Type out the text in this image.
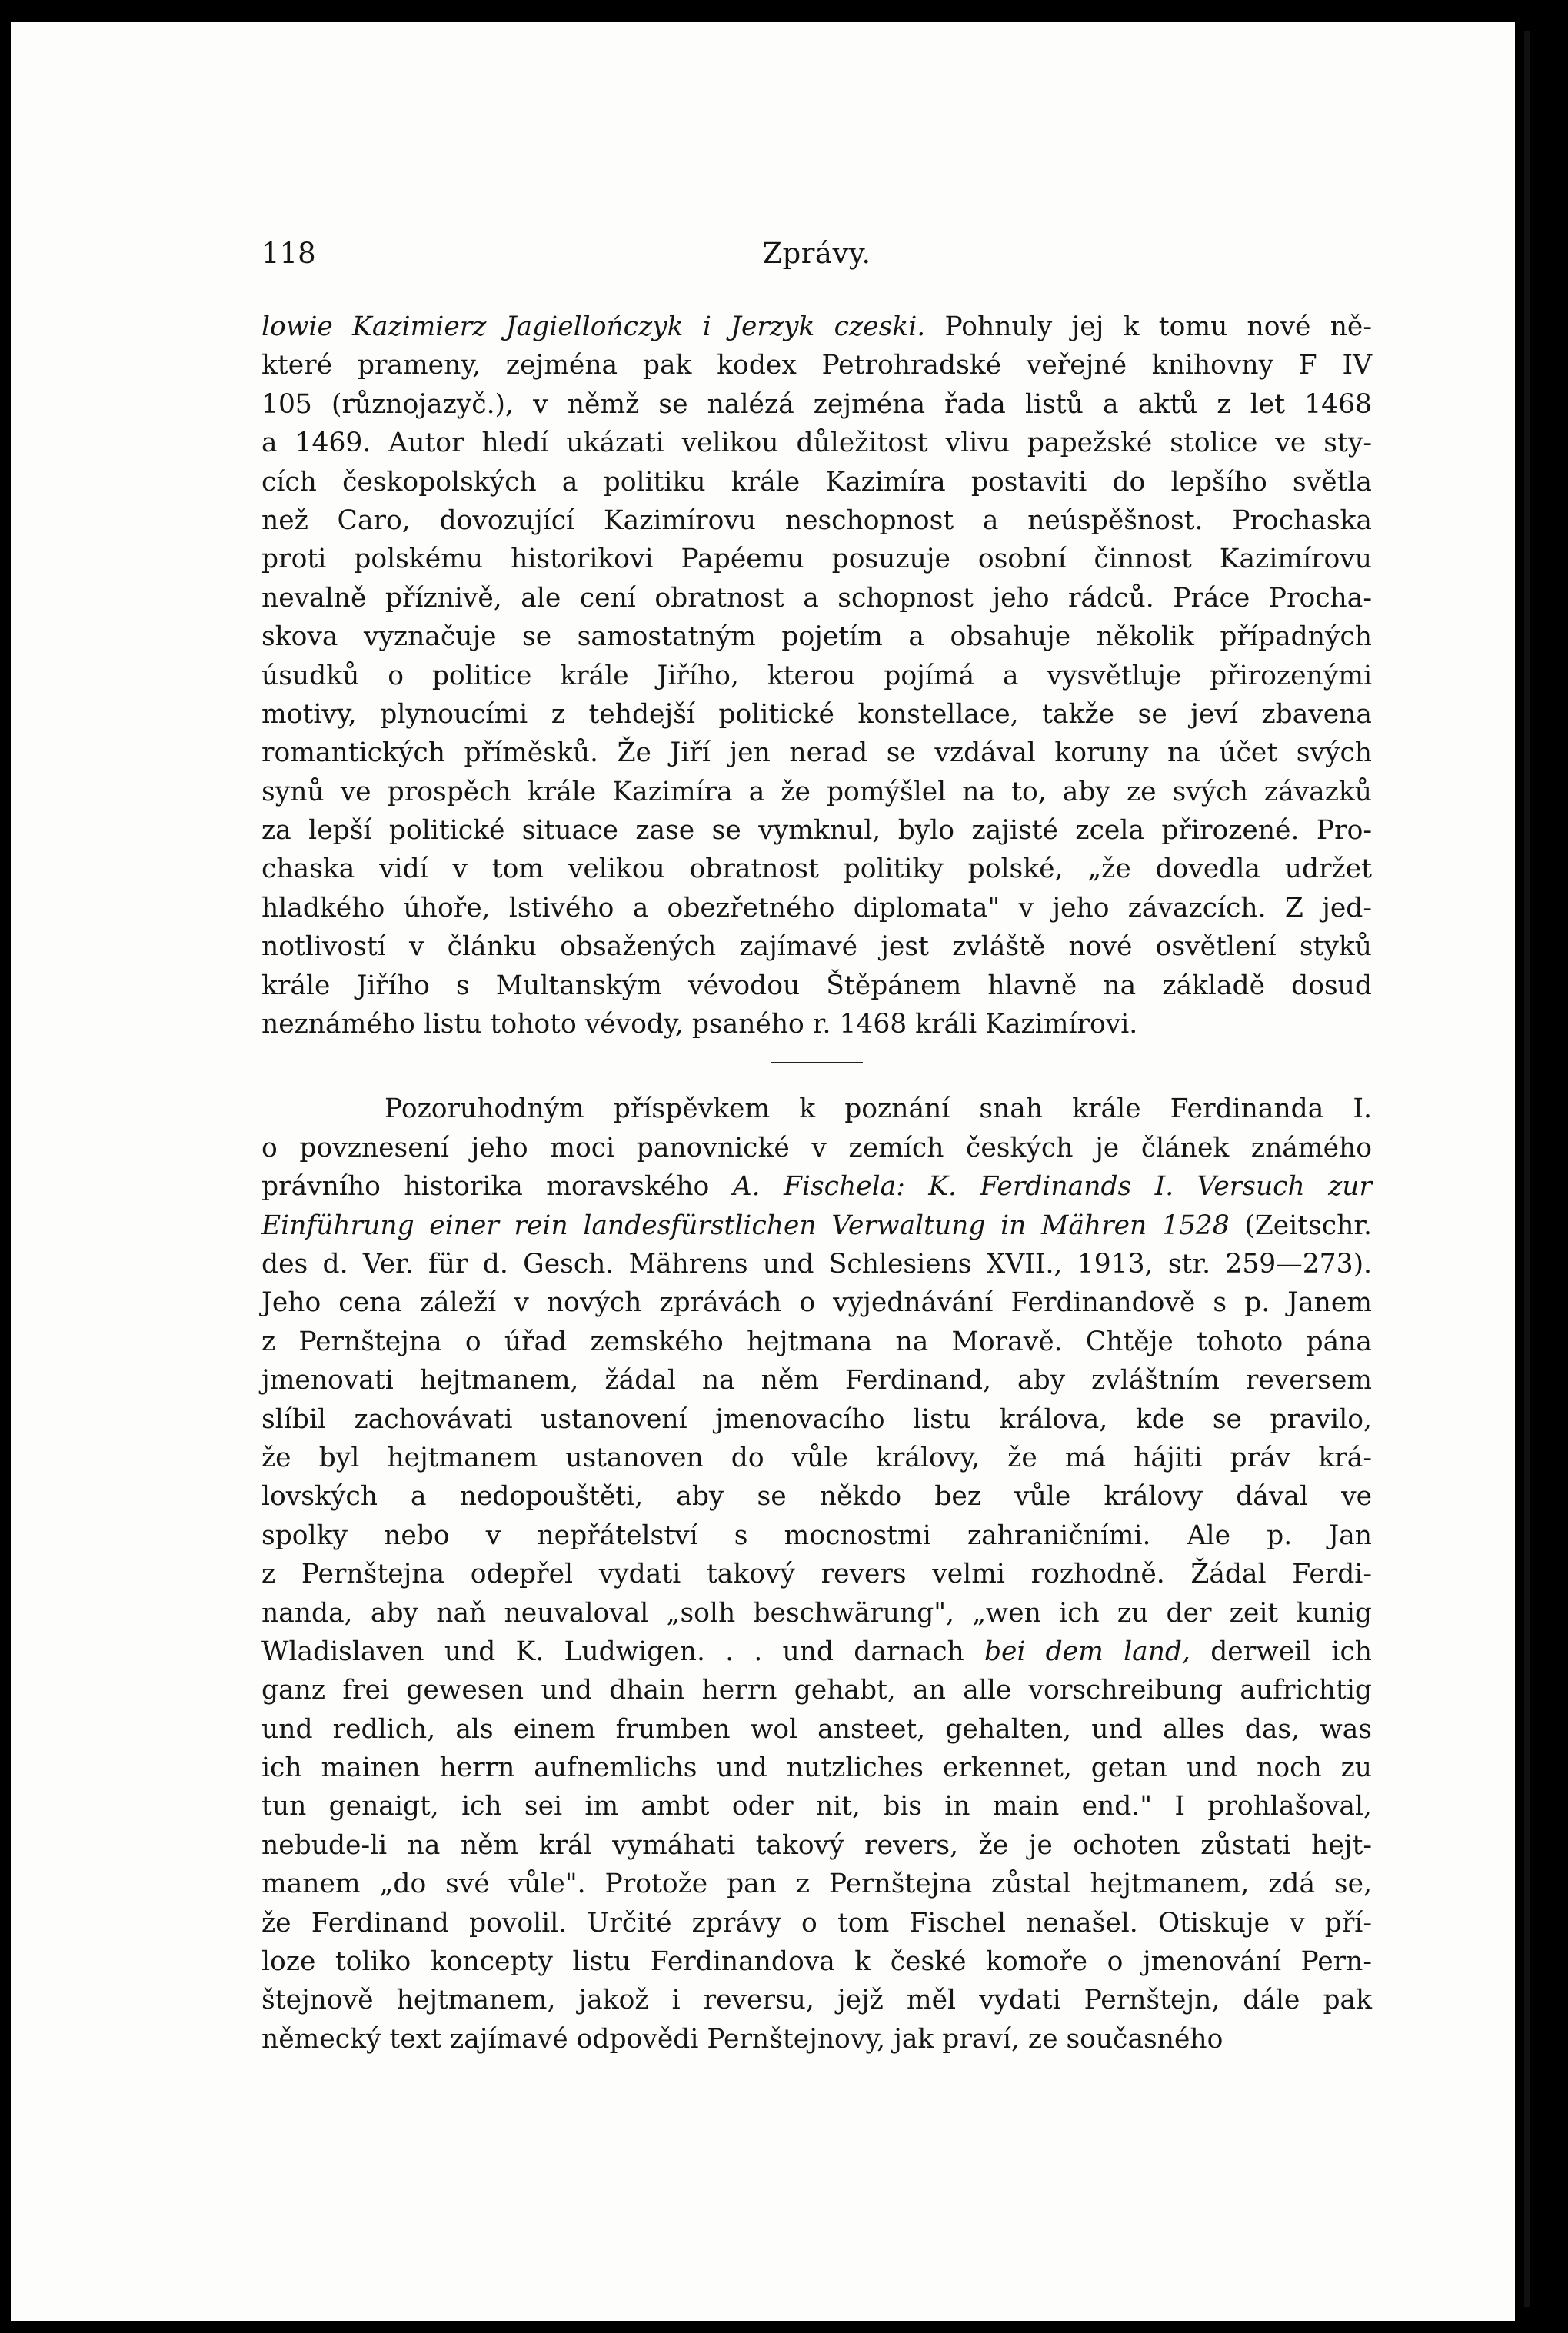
118	Zprávy.
lowie Kazimierz Jagiellończyk i Jerzyk czeski. Pohnuly jej k tomu nové ně-
které prameny, zejména pak kodex Petrohradské veřejné knihovny F IV
105 (různojazyč.), v němž se nalézá zejména řada listů a aktů z let 1468
a 1469. Autor hledí ukázati velikou důležitost vlivu papežské stolice ve sty-
cích českopolských a politiku krále Kazimíra postaviti do lepšího světla
než Caro, dovozující Kazimírovu neschopnost a neúspěšnost. Prochaska
proti polskému historikovi Papéemu posuzuje osobní činnost Kazimírovu
nevalně příznivě, ale cení obratnost a schopnost jeho rádců. Práce Procha-
skova vyznačuje se samostatným pojetím a obsahuje několik případných
úsudků o politice krále Jiřího, kterou pojímá a vysvětluje přirozenými
motivy, plynoucími z tehdejší politické konstellace, takže se jeví zbavena
romantických příměsků. Že Jiří jen nerad se vzdával koruny na účet svých
synů ve prospěch krále Kazimíra a že pomýšlel na to, aby ze svých závazků
za lepší politické situace zase se vymknul, bylo zajisté zcela přirozené. Pro-
chaska vidí v tom velikou obratnost politiky polské, „že dovedla udržet
hladkého úhoře, lstivého a obezřetného diplomata" v jeho závazcích. Z jed-
notlivostí v článku obsažených zajímavé jest zvláště nové osvětlení styků
krále Jiřího s Multanským vévodou Štěpánem hlavně na základě dosud
neznámého listu tohoto vévody, psaného r. 1468 králi Kazimírovi.
Pozoruhodným příspěvkem k poznání snah krále Ferdinanda I.
o povznesení jeho moci panovnické v zemích českých je článek známého
právního historika moravského A. Fischela: K. Ferdinands I. Versuch zur
Einführung einer rein landesfürstlichen Verwaltung in Mähren 1528 (Zeitschr.
des d. Ver. für d. Gesch. Mährens und Schlesiens XVII., 1913, str. 259—273).
Jeho cena záleží v nových zprávách o vyjednávání Ferdinandově s p. Janem
z Pernštejna o úřad zemského hejtmana na Moravě. Chtěje tohoto pána
jmenovati hejtmanem, žádal na něm Ferdinand, aby zvláštním reversem
slíbil zachovávati ustanovení jmenovacího listu králova, kde se pravilo,
že byl hejtmanem ustanoven do vůle královy, že má hájiti práv krá-
lovských a nedopouštěti, aby se někdo bez vůle královy dával ve
spolky nebo v nepřátelství s mocnostmi zahraničními. Ale p. Jan
z Pernštejna odepřel vydati takový revers velmi rozhodně. Žádal Ferdi-
nanda, aby naň neuvaloval „solh beschwärung", „wen ich zu der zeit kunig
Wladislaven und K. Ludwigen. . . und darnach bei dem land, derweil ich
ganz frei gewesen und dhain herrn gehabt, an alle vorschreibung aufrichtig
und redlich, als einem frumben wol ansteet, gehalten, und alles das, was
ich mainen herrn aufnemlichs und nutzliches erkennet, getan und noch zu
tun genaigt, ich sei im ambt oder nit, bis in main end." I prohlašoval,
nebude-li na něm král vymáhati takový revers, že je ochoten zůstati hejt-
manem „do své vůle". Protože pan z Pernštejna zůstal hejtmanem, zdá se,
že Ferdinand povolil. Určité zprávy o tom Fischel nenašel. Otiskuje v pří-
loze toliko koncepty listu Ferdinandova k české komoře o jmenování Pern-
štejnově hejtmanem, jakož i reversu, jejž měl vydati Pernštejn, dále pak
německý text zajímavé odpovědi Pernštejnovy, jak praví, ze současného
